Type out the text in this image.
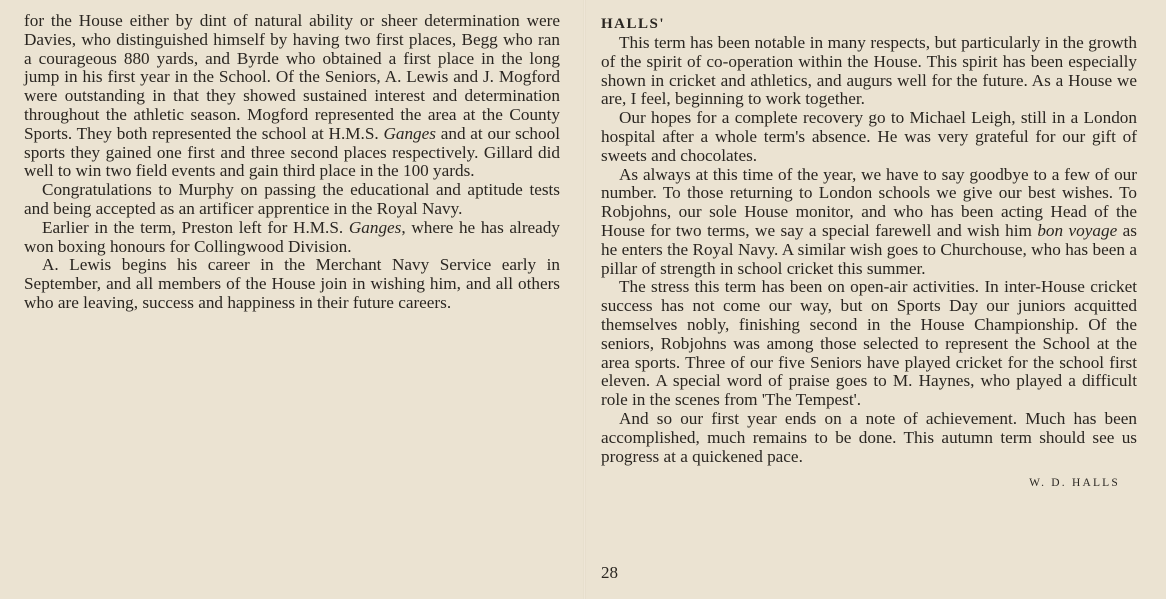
for the House either by dint of natural ability or sheer determination were Davies, who distinguished himself by having two first places, Begg who ran a courageous 880 yards, and Byrde who obtained a first place in the long jump in his first year in the School. Of the Seniors, A. Lewis and J. Mogford were outstanding in that they showed sustained interest and determination throughout the athletic season. Mogford represented the area at the County Sports. They both represented the school at H.M.S. Ganges and at our school sports they gained one first and three second places respectively. Gillard did well to win two field events and gain third place in the 100 yards.

Congratulations to Murphy on passing the educational and aptitude tests and being accepted as an artificer apprentice in the Royal Navy.

Earlier in the term, Preston left for H.M.S. Ganges, where he has already won boxing honours for Collingwood Division.

A. Lewis begins his career in the Merchant Navy Service early in September, and all members of the House join in wishing him, and all others who are leaving, success and happiness in their future careers.

HALLS'

This term has been notable in many respects, but particularly in the growth of the spirit of co-operation within the House. This spirit has been especially shown in cricket and athletics, and augurs well for the future. As a House we are, I feel, beginning to work together.

Our hopes for a complete recovery go to Michael Leigh, still in a London hospital after a whole term's absence. He was very grateful for our gift of sweets and chocolates.

As always at this time of the year, we have to say goodbye to a few of our number. To those returning to London schools we give our best wishes. To Robjohns, our sole House monitor, and who has been acting Head of the House for two terms, we say a special farewell and wish him bon voyage as he enters the Royal Navy. A similar wish goes to Churchouse, who has been a pillar of strength in school cricket this summer.

The stress this term has been on open-air activities. In inter-House cricket success has not come our way, but on Sports Day our juniors acquitted themselves nobly, finishing second in the House Championship. Of the seniors, Robjohns was among those selected to represent the School at the area sports. Three of our five Seniors have played cricket for the school first eleven. A special word of praise goes to M. Haynes, who played a difficult role in the scenes from 'The Tempest'.

And so our first year ends on a note of achievement. Much has been accomplished, much remains to be done. This autumn term should see us progress at a quickened pace.

W. D. HALLS
28
